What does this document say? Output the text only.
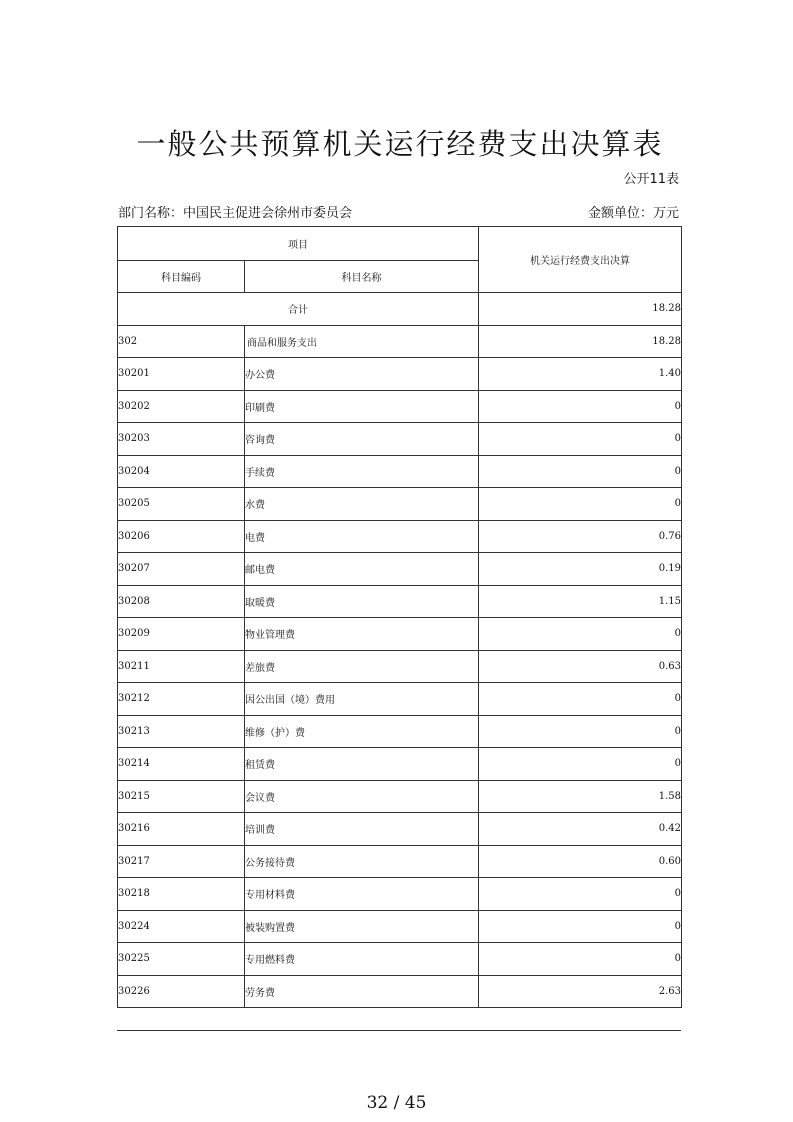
一般公共预算机关运行经费支出决算表
公开11表
部门名称：中国民主促进会徐州市委员会	金额单位：万元
项目		机关运行经费支出决算
科目编码	科目名称	
合计		18.28
302	商品和服务支出	18.28
30201	办公费	1.40
30202	印刷费	0
30203	咨询费	0
30204	手续费	0
30205	水费	0
30206	电费	0.76
30207	邮电费	0.19
30208	取暖费	1.15
30209	物业管理费	0
30211	差旅费	0.63
30212	因公出国（境）费用	0
30213	维修（护）费	0
30214	租赁费	0
30215	会议费	1.58
30216	培训费	0.42
30217	公务接待费	0.60
30218	专用材料费	0
30224	被装购置费	0
30225	专用燃料费	0
30226	劳务费	2.63
32 / 45
